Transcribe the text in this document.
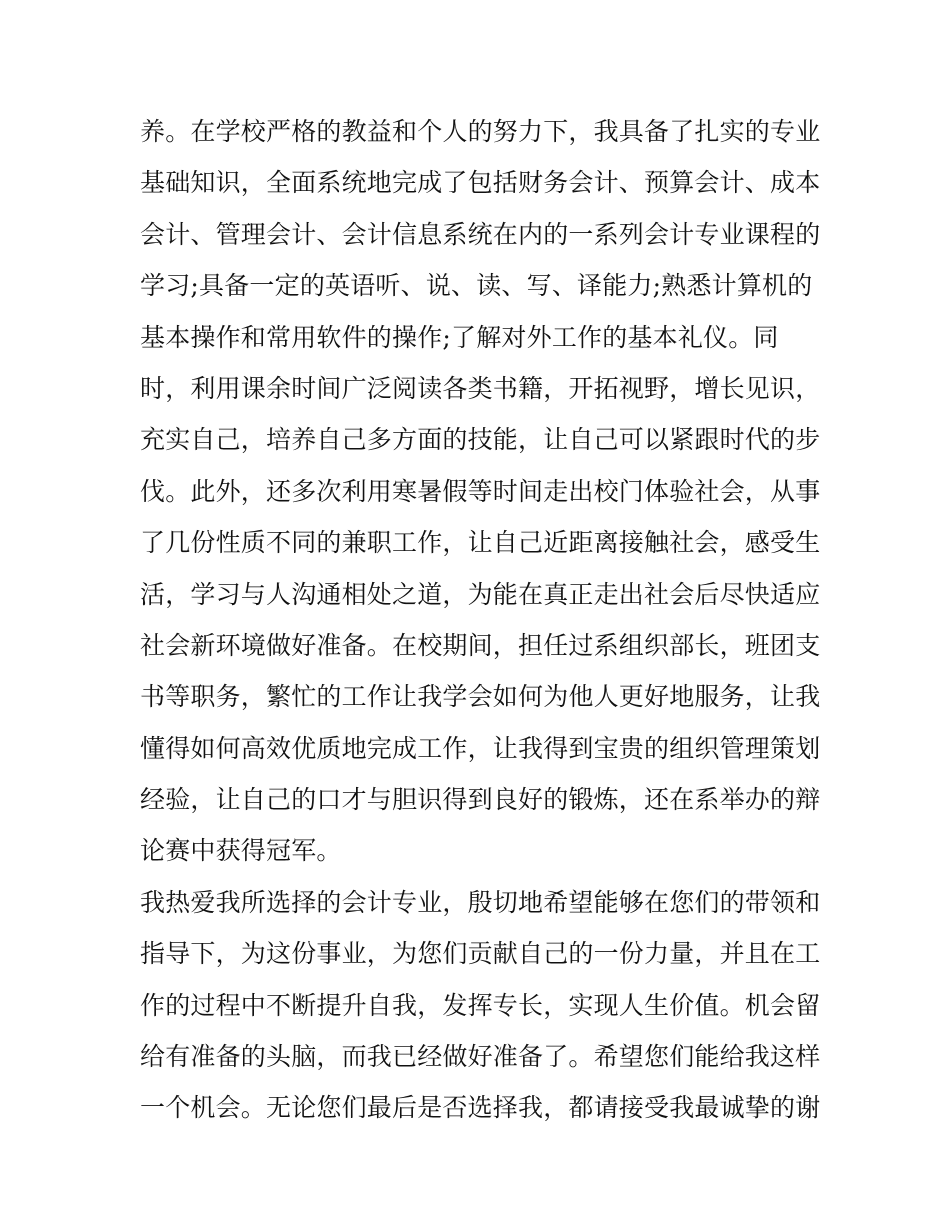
养。在学校严格的教益和个人的努力下，我具备了扎实的专业
基础知识，全面系统地完成了包括财务会计、预算会计、成本
会计、管理会计、会计信息系统在内的一系列会计专业课程的
学习;具备一定的英语听、说、读、写、译能力;熟悉计算机的
基本操作和常用软件的操作;了解对外工作的基本礼仪。同
时，利用课余时间广泛阅读各类书籍，开拓视野，增长见识，
充实自己，培养自己多方面的技能，让自己可以紧跟时代的步
伐。此外，还多次利用寒暑假等时间走出校门体验社会，从事
了几份性质不同的兼职工作，让自己近距离接触社会，感受生
活，学习与人沟通相处之道，为能在真正走出社会后尽快适应
社会新环境做好准备。在校期间，担任过系组织部长，班团支
书等职务，繁忙的工作让我学会如何为他人更好地服务，让我
懂得如何高效优质地完成工作，让我得到宝贵的组织管理策划
经验，让自己的口才与胆识得到良好的锻炼，还在系举办的辩
论赛中获得冠军。
我热爱我所选择的会计专业，殷切地希望能够在您们的带领和
指导下，为这份事业，为您们贡献自己的一份力量，并且在工
作的过程中不断提升自我，发挥专长，实现人生价值。机会留
给有准备的头脑，而我已经做好准备了。希望您们能给我这样
一个机会。无论您们最后是否选择我，都请接受我最诚挚的谢
